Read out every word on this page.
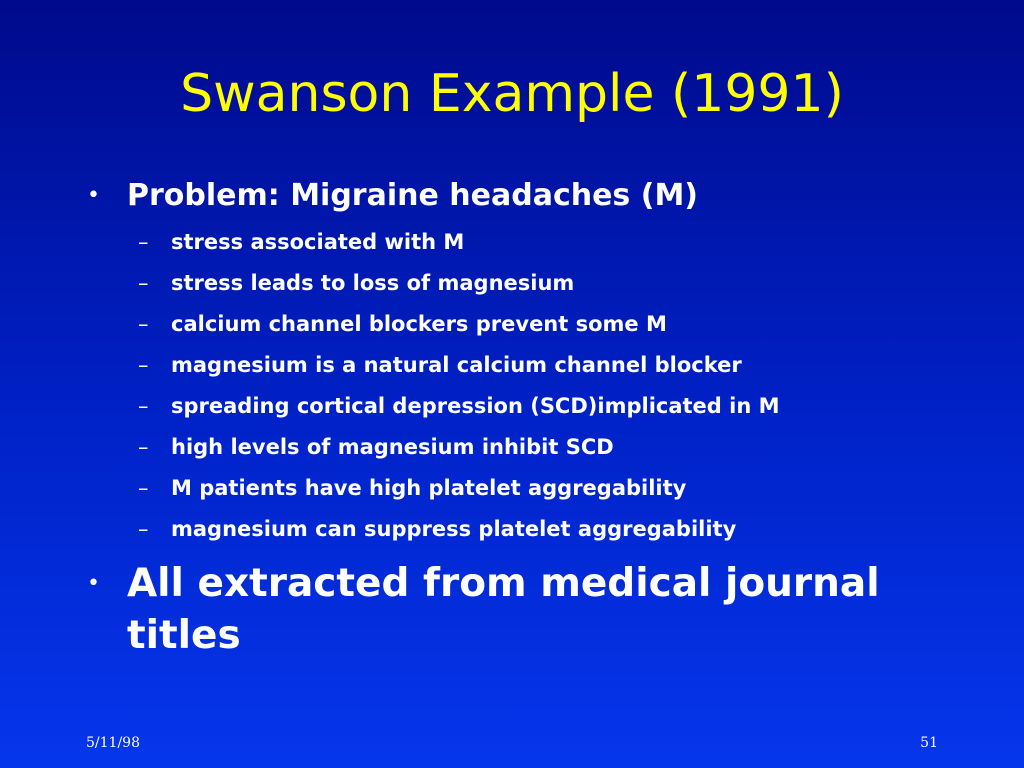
Swanson Example (1991)
• Problem: Migraine headaches (M)
– stress associated with M
– stress leads to loss of magnesium
– calcium channel blockers prevent some M
– magnesium is a natural calcium channel blocker
– spreading cortical depression (SCD)implicated in M
– high levels of magnesium inhibit SCD
– M patients have high platelet aggregability
– magnesium can suppress platelet aggregability
• All extracted from medical journal titles
5/11/98	51
